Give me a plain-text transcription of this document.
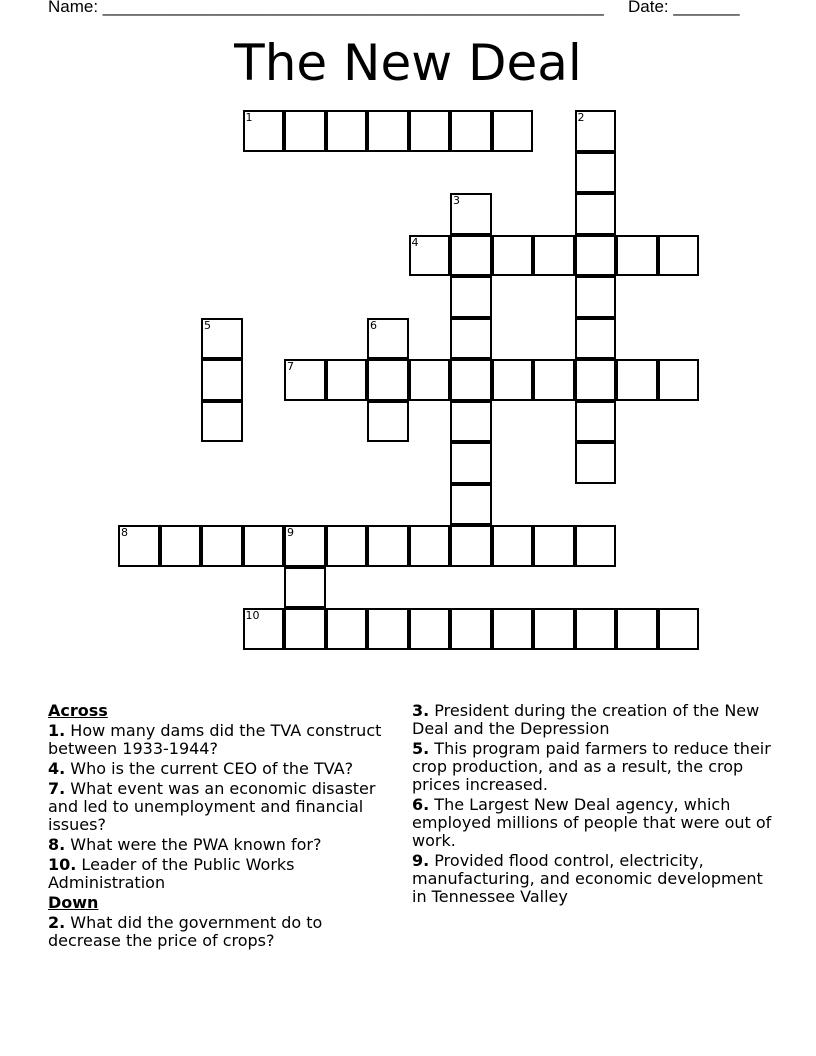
Name: _____________________________________________________ Date: _______
The New Deal
1	2
3
4
5	6
7
8	9
10
Across
1. How many dams did the TVA construct between 1933-1944?
4. Who is the current CEO of the TVA?
7. What event was an economic disaster and led to unemployment and financial issues?
8. What were the PWA known for?
10. Leader of the Public Works Administration
Down
2. What did the government do to decrease the price of crops?
3. President during the creation of the New Deal and the Depression
5. This program paid farmers to reduce their crop production, and as a result, the crop prices increased.
6. The Largest New Deal agency, which employed millions of people that were out of work.
9. Provided flood control, electricity, manufacturing, and economic development in Tennessee Valley
